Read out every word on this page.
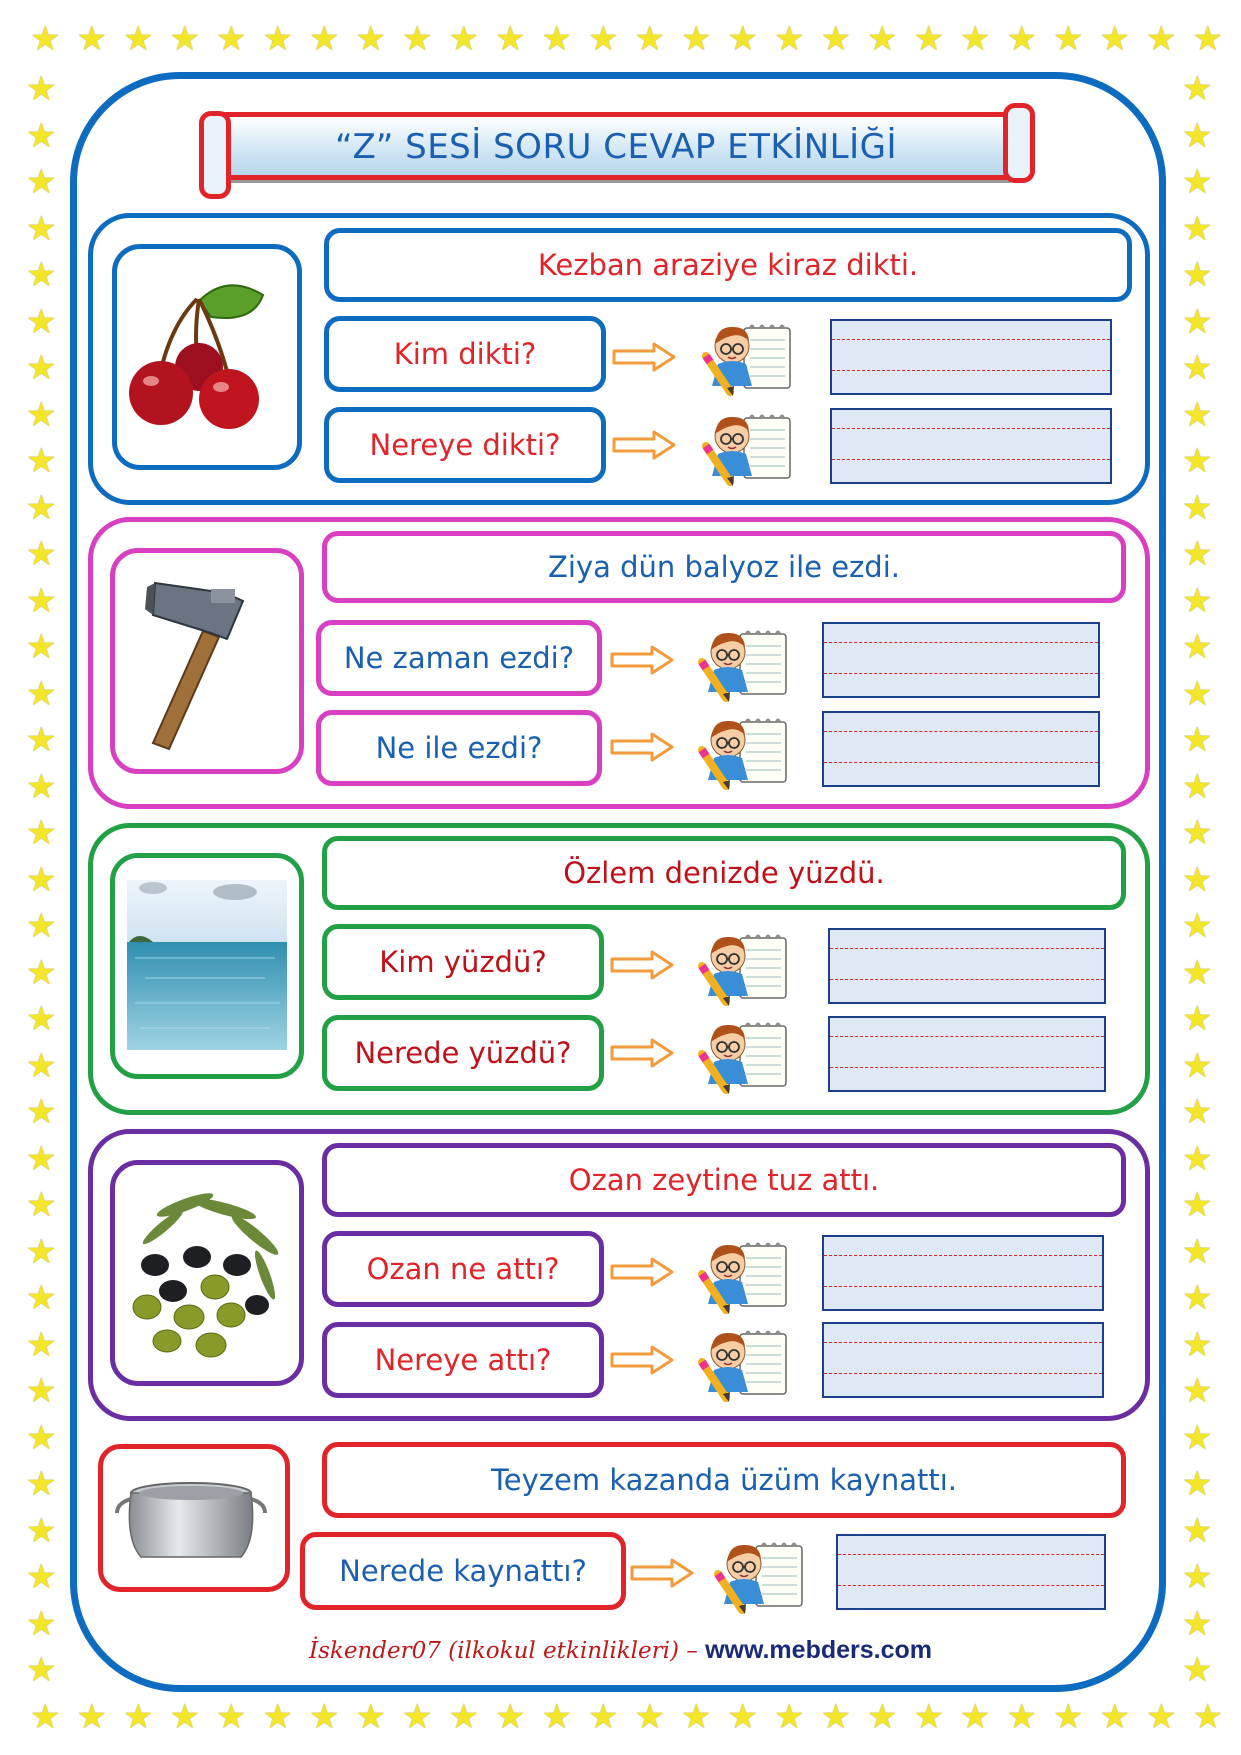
★ ★ ★ ★ ★ ★ ★ ★ ★ ★ ★ ★ ★ ★ ★ ★ ★ ★ ★ ★ ★ ★ ★ ★ ★ ★
★ ★ ★ ★ ★ ★ ★ ★ ★ ★ ★ ★ ★ ★ ★ ★ ★ ★ ★ ★ ★ ★ ★ ★ ★ ★
★
★
★
★
★
★
★
★
★
★
★
★
★
★
★
★
★
★
★
★
★
★
★
★
★
★
★
★
★
★
★
★
★
★
★
★
★
★
★
★
★
★
★
★
★
★
★
★
★
★
★
★
★
★
★
★
★
★
★
★
★
★
★
★
★
★
★
★
★
★
“Z” SESİ SORU CEVAP ETKİNLİĞİ
Kezban araziye kiraz dikti.
Kim dikti?
Nereye dikti?
Ziya dün balyoz ile ezdi.
Ne zaman ezdi?
Ne ile ezdi?
Özlem denizde yüzdü.
Kim yüzdü?
Nerede yüzdü?
Ozan zeytine tuz attı.
Ozan ne attı?
Nereye attı?
Teyzem kazanda üzüm kaynattı.
Nerede kaynattı?
İskender07 (ilkokul etkinlikleri) – www.mebders.com
